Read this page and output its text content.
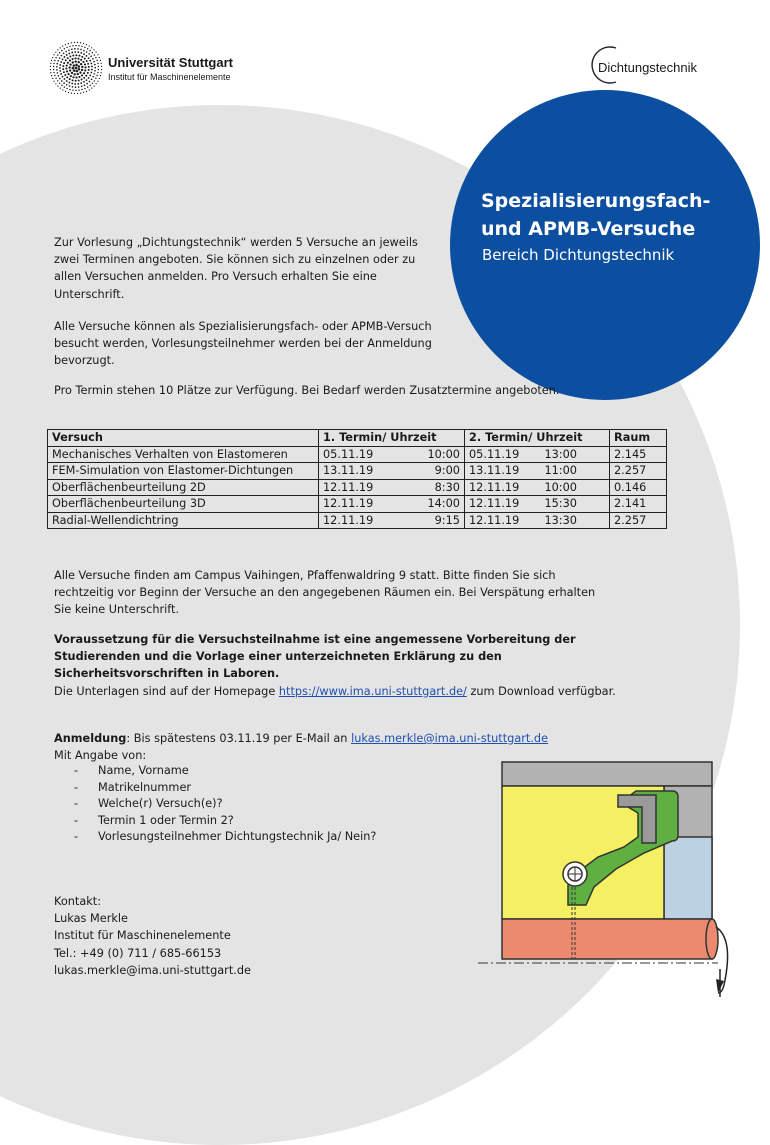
Universität Stuttgart
Institut für Maschinenelemente
Dichtungstechnik
Spezialisierungsfach-
und APMB-Versuche
Bereich Dichtungstechnik

Zur Vorlesung „Dichtungstechnik“ werden 5 Versuche an jeweils zwei Terminen angeboten. Sie können sich zu einzelnen oder zu allen Versuchen anmelden. Pro Versuch erhalten Sie eine Unterschrift.

Alle Versuche können als Spezialisierungsfach- oder APMB-Versuch besucht werden, Vorlesungsteilnehmer werden bei der Anmeldung bevorzugt.

Pro Termin stehen 10 Plätze zur Verfügung. Bei Bedarf werden Zusatztermine angeboten.

Versuch	1. Termin/ Uhrzeit	2. Termin/ Uhrzeit	Raum
Mechanisches Verhalten von Elastomeren	05.11.19 10:00	05.11.19 13:00	2.145
FEM-Simulation von Elastomer-Dichtungen	13.11.19 9:00	13.11.19 11:00	2.257
Oberflächenbeurteilung 2D	12.11.19 8:30	12.11.19 10:00	0.146
Oberflächenbeurteilung 3D	12.11.19 14:00	12.11.19 15:30	2.141
Radial-Wellendichtring	12.11.19 9:15	12.11.19 13:30	2.257

Alle Versuche finden am Campus Vaihingen, Pfaffenwaldring 9 statt. Bitte finden Sie sich rechtzeitig vor Beginn der Versuche an den angegebenen Räumen ein. Bei Verspätung erhalten Sie keine Unterschrift.

Voraussetzung für die Versuchsteilnahme ist eine angemessene Vorbereitung der Studierenden und die Vorlage einer unterzeichneten Erklärung zu den Sicherheitsvorschriften in Laboren.
Die Unterlagen sind auf der Homepage https://www.ima.uni-stuttgart.de/ zum Download verfügbar.

Anmeldung: Bis spätestens 03.11.19 per E-Mail an lukas.merkle@ima.uni-stuttgart.de
Mit Angabe von:

- Name, Vorname
- Matrikelnummer
- Welche(r) Versuch(e)?
- Termin 1 oder Termin 2?
- Vorlesungsteilnehmer Dichtungstechnik Ja/ Nein?

Kontakt:
Lukas Merkle
Institut für Maschinenelemente
Tel.: +49 (0) 711 / 685-66153
lukas.merkle@ima.uni-stuttgart.de
